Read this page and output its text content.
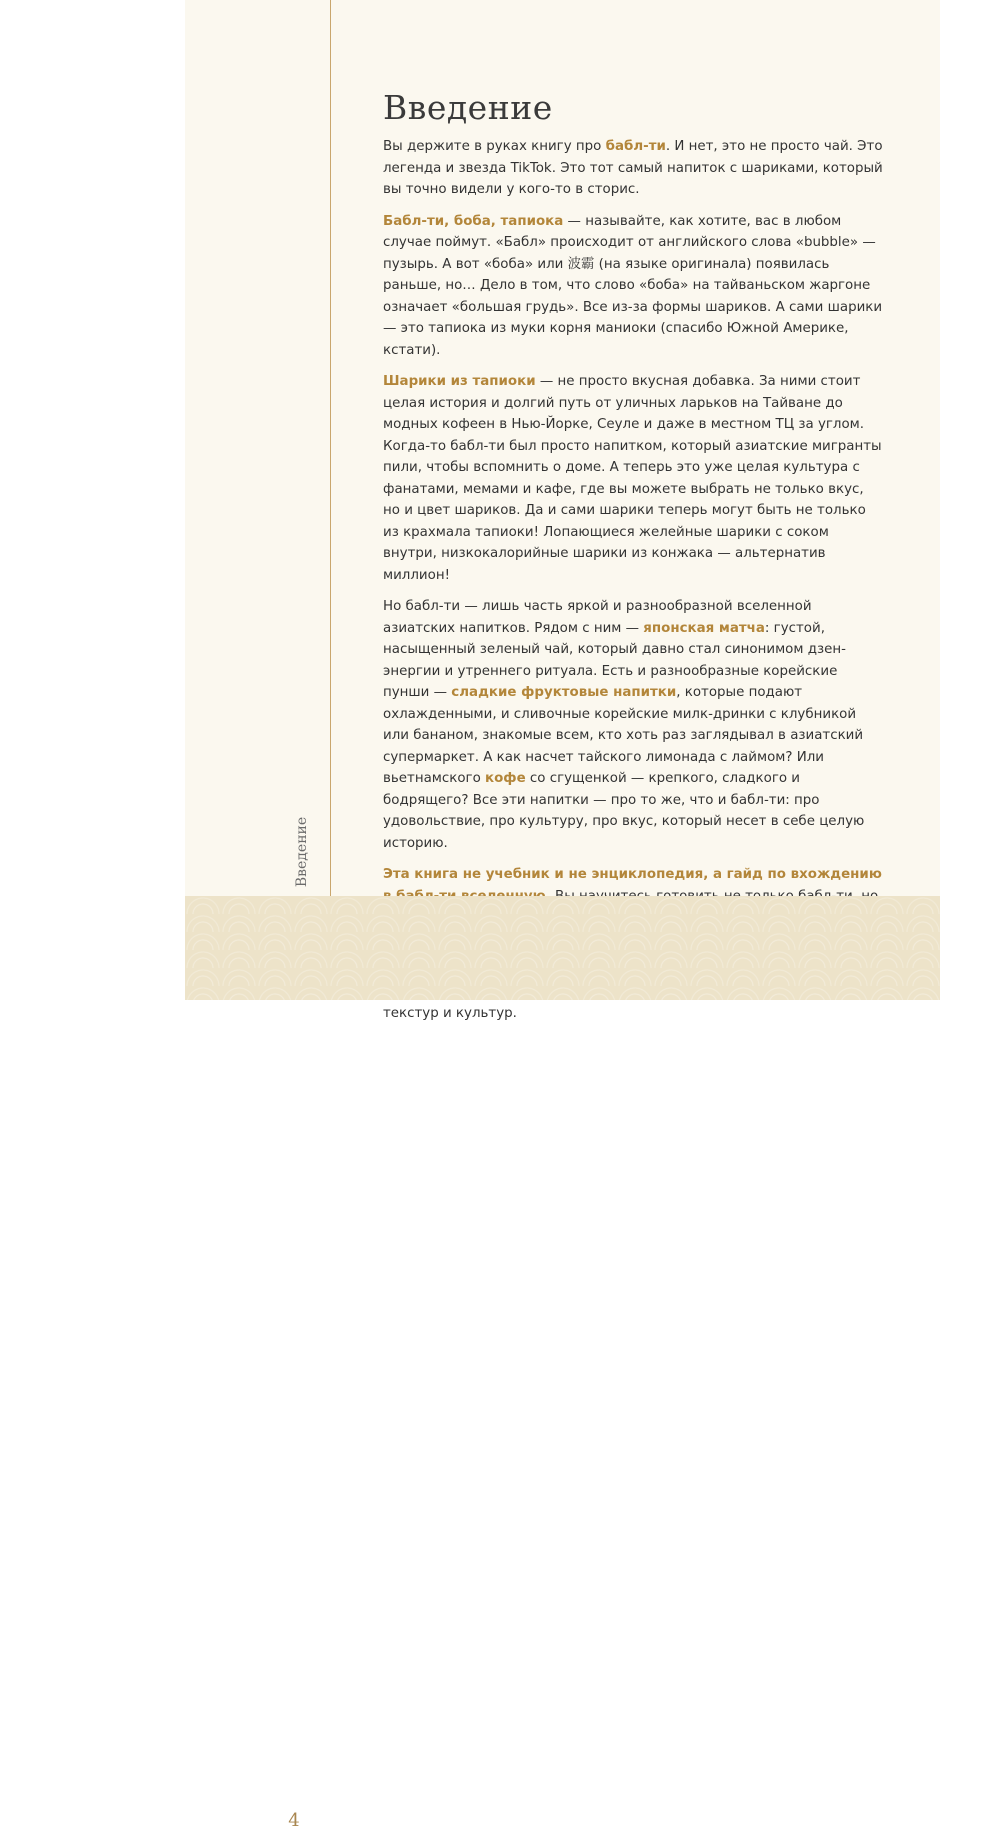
Введение

Вы держите в руках книгу про бабл-ти. И нет, это не просто чай. Это легенда и звезда TikTok. Это тот самый напиток с шариками, который вы точно видели у кого-то в сторис.

Бабл-ти, боба, тапиока — называйте, как хотите, вас в любом случае поймут. «Бабл» происходит от английского слова «bubble» — пузырь. А вот «боба» или 波霸 (на языке оригинала) появилась раньше, но… Дело в том, что слово «боба» на тайваньском жаргоне означает «большая грудь». Все из-за формы шариков. А сами шарики — это тапиока из муки корня маниоки (спасибо Южной Америке, кстати).

Шарики из тапиоки — не просто вкусная добавка. За ними стоит целая история и долгий путь от уличных ларьков на Тайване до модных кофеен в Нью-Йорке, Сеуле и даже в местном ТЦ за углом. Когда-то бабл-ти был просто напитком, который азиатские мигранты пили, чтобы вспомнить о доме. А теперь это уже целая культура с фанатами, мемами и кафе, где вы можете выбрать не только вкус, но и цвет шариков. Да и сами шарики теперь могут быть не только из крахмала тапиоки! Лопающиеся желейные шарики с соком внутри, низкокалорийные шарики из конжака — альтернатив миллион!

Но бабл-ти — лишь часть яркой и разнообразной вселенной азиатских напитков. Рядом с ним — японская матча: густой, насыщенный зеленый чай, который давно стал синонимом дзен-энергии и утреннего ритуала. Есть и разнообразные корейские пунши — сладкие фруктовые напитки, которые подают охлажденными, и сливочные корейские милк-дринки с клубникой или бананом, знакомые всем, кто хоть раз заглядывал в азиатский супермаркет. А как насчет тайского лимонада с лаймом? Или вьетнамского кофе со сгущенкой — крепкого, сладкого и бодрящего? Все эти напитки — про то же, что и бабл-ти: про удовольствие, про культуру, про вкус, который несет в себе целую историю.

Эта книга не учебник и не энциклопедия, а гайд по вхождению

текстур и культур.

Введение
4
